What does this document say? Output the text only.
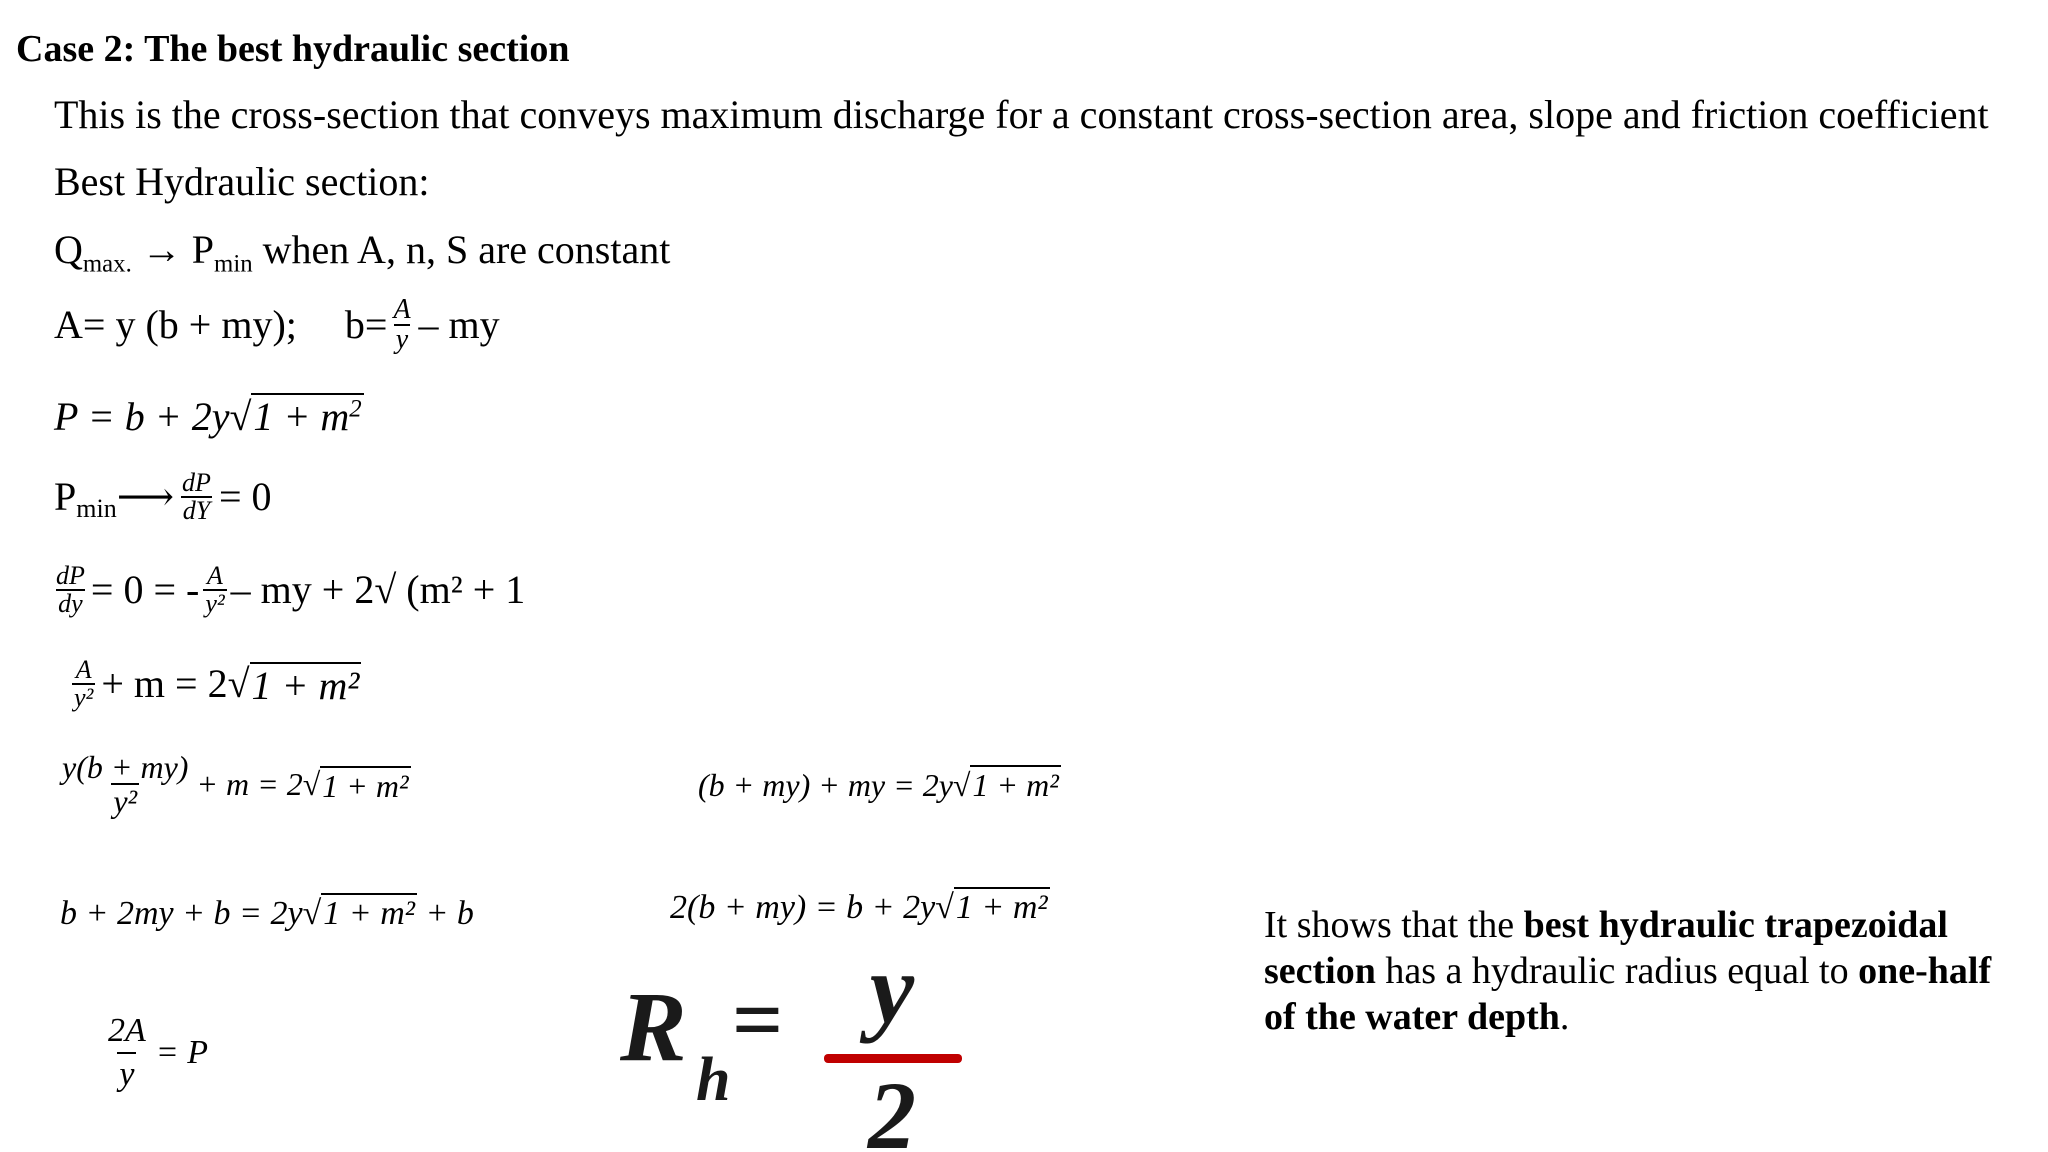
Case 2: The best hydraulic section
This is the cross-section that conveys maximum discharge for a constant cross-section area, slope and friction coefficient
Best Hydraulic section:
$Q_{max.} \to P_{min}$ when A, n, S are constant
A= y (b + my); $b= \frac{A}{y}$ – my
$P = b + 2y√1 + m^2$
P min ⟶ $\frac{dP}{dY} = 0$
$\frac{dP}{dy} = 0$ = - $\frac{A}{\text{y²}}$ – my + 2√ (m² + 1
$\frac{A}{\text{y²}} + m = 2√$ 1 + m²
$\frac{y(b + my)}{\text{y²}} + m = 2$ √ 1 + m²	(b + my) + my = 2y√1 + m²
b + 2my + b = 2y√1 + m² + b	2(b + my) = b + 2y√1 + m²
$\frac{2A}{y} = P$	R h
= y
2
It shows that the best hydraulic trapezoidal section has a hydraulic radius equal to one-half of the water depth.
